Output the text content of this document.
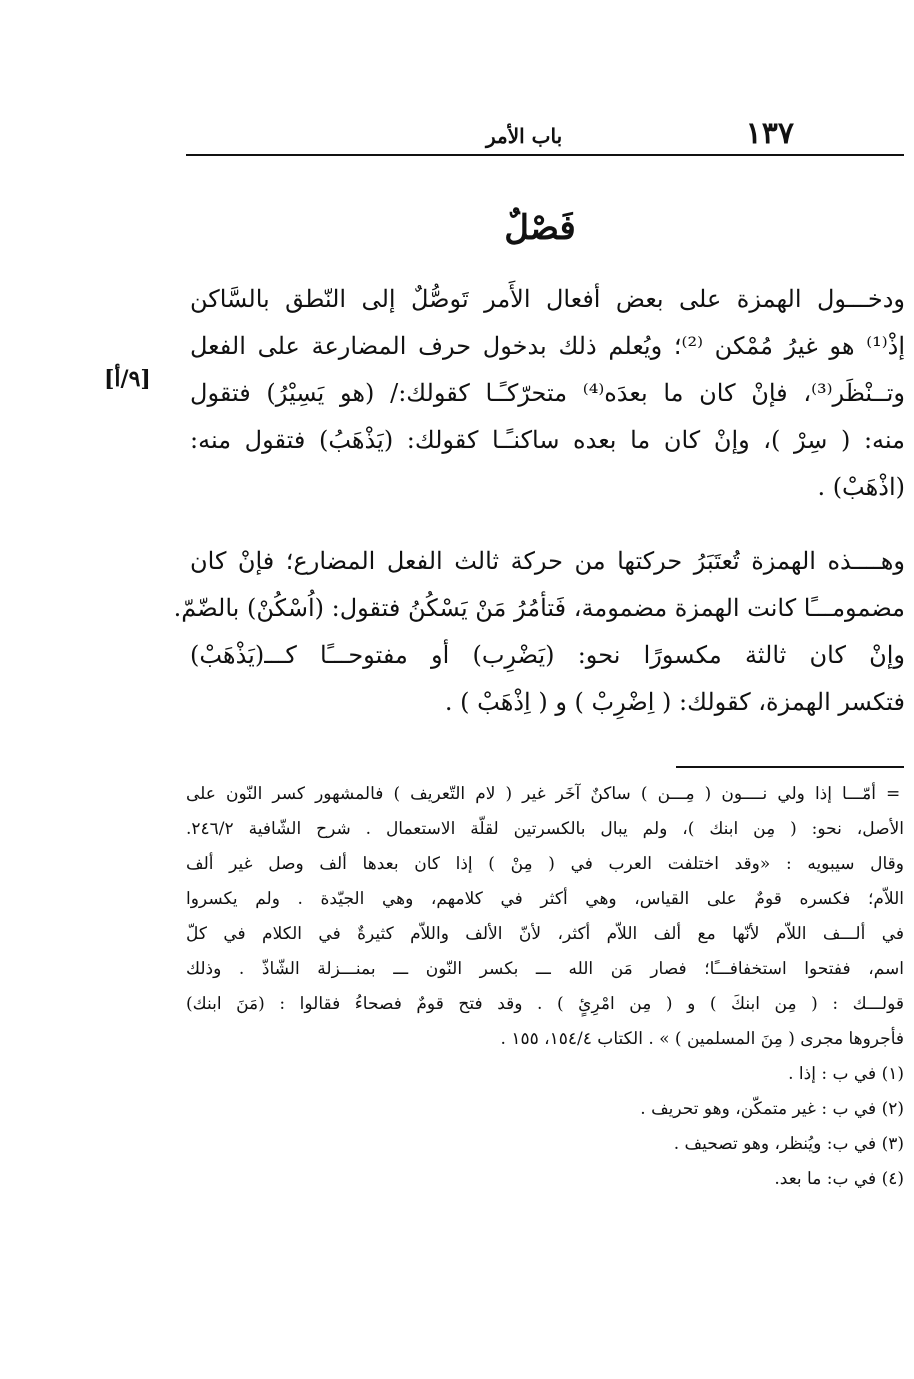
١٣٧
باب الأمر
فَصْلٌ
ودخـــول الهمزة على بعض أفعال الأَمر تَوصُّلٌ إلى النّطق بالسَّاكن
إذْ⁽¹⁾ هو غيرُ مُمْكن ⁽²⁾؛ ويُعلم ذلك بدخول حرف المضارعة على الفعل
وتــنْظَر⁽³⁾، فإنْ كان ما بعدَه⁽⁴⁾ متحرّكـًـا كقولك:/ (هو يَسِيْرُ) فتقول
منه: ( سِرْ )، وإنْ كان ما بعده ساكنـًـا كقولك: (يَذْهَبُ) فتقول منه:
(اذْهَبْ) .
وهــــذه الهمزة تُعتَبَرُ حركتها من حركة ثالث الفعل المضارع؛ فإنْ كان
مضمومـــًا كانت الهمزة مضمومة، فَتأمُرُ مَنْ يَسْكُنُ فتقول: (اُسْكُنْ) بالضّمّ.
وإنْ كان ثالثة مكسورًا نحو: (يَضْرِب) أو مفتوحـــًا كـــ(يَذْهَبْ)
فتكسر الهمزة، كقولك: ( اِضْرِبْ ) و ( اِذْهَبْ ) .
[٩/أ]
=
أمّـــا إذا ولي نــــون ( مِـــن ) ساكنٌ آخَر غير ( لام التّعريف ) فالمشهور كسر النّون على
الأصل، نحو: ( مِن ابنك )، ولم يبال بالكسرتين لقلّة الاستعمال . شرح الشّافية ٢٤٦/٢.
وقال سيبويه : «وقد اختلفت العرب في ( مِنْ ) إذا كان بعدها ألف وصل غير ألف
اللاّم؛ فكسره قومٌ على القياس، وهي أكثر في كلامهم، وهي الجيّدة . ولم يكسروا
في ألـــف اللاّم لأنّها مع ألف اللاّم أكثر، لأنّ الألف واللاّم كثيرةٌ في الكلام في كلّ
اسم، ففتحوا استخفافـــًا؛ فصار مَن الله ـــ بكسر النّون ـــ بمنـــزلة الشّاذّ . وذلك
قولـــك : ( مِن ابنكَ ) و ( مِن امْرِئٍ ) . وقد فتح قومٌ فصحاءُ فقالوا : (مَنَ ابنك)
فأجروها مجرى ( مِنَ المسلمين ) » . الكتاب ١٥٤/٤، ١٥٥ .
(١) في ب : إذا .
(٢) في ب : غير متمكّن، وهو تحريف .
(٣) في ب: ويُنظر، وهو تصحيف .
(٤) في ب: ما بعد.
